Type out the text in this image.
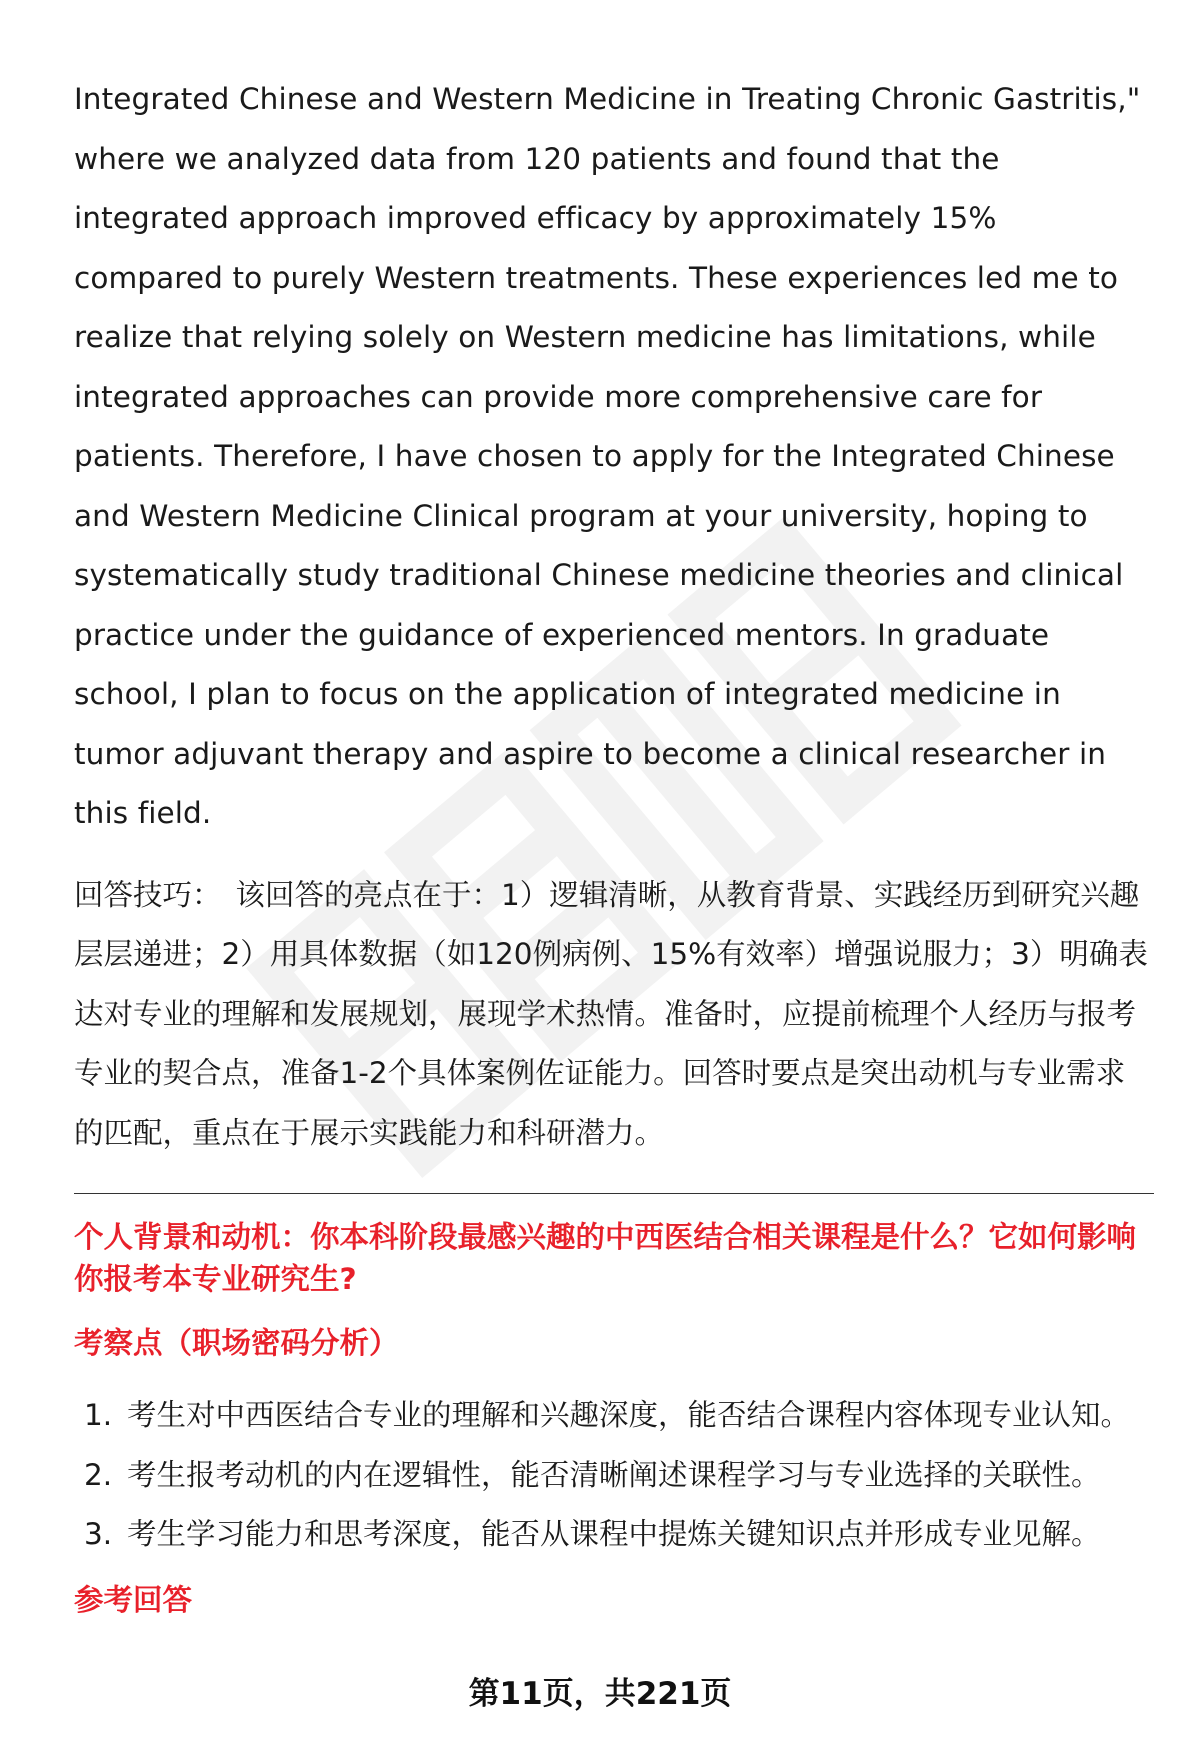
Integrated Chinese and Western Medicine in Treating Chronic Gastritis," where we analyzed data from 120 patients and found that the integrated approach improved efficacy by approximately 15% compared to purely Western treatments. These experiences led me to realize that relying solely on Western medicine has limitations, while integrated approaches can provide more comprehensive care for patients. Therefore, I have chosen to apply for the Integrated Chinese and Western Medicine Clinical program at your university, hoping to systematically study traditional Chinese medicine theories and clinical practice under the guidance of experienced mentors. In graduate school, I plan to focus on the application of integrated medicine in tumor adjuvant therapy and aspire to become a clinical researcher in this field.

回答技巧： 该回答的亮点在于：1）逻辑清晰，从教育背景、实践经历到研究兴趣层层递进；2）用具体数据（如120例病例、15%有效率）增强说服力；3）明确表达对专业的理解和发展规划，展现学术热情。准备时，应提前梳理个人经历与报考专业的契合点，准备1-2个具体案例佐证能力。回答时要点是突出动机与专业需求的匹配，重点在于展示实践能力和科研潜力。

个人背景和动机：你本科阶段最感兴趣的中西医结合相关课程是什么？它如何影响你报考本专业研究生?
考察点（职场密码分析）
1. 考生对中西医结合专业的理解和兴趣深度，能否结合课程内容体现专业认知。
2. 考生报考动机的内在逻辑性，能否清晰阐述课程学习与专业选择的关联性。
3. 考生学习能力和思考深度，能否从课程中提炼关键知识点并形成专业见解。
参考回答
第11页，共221页
